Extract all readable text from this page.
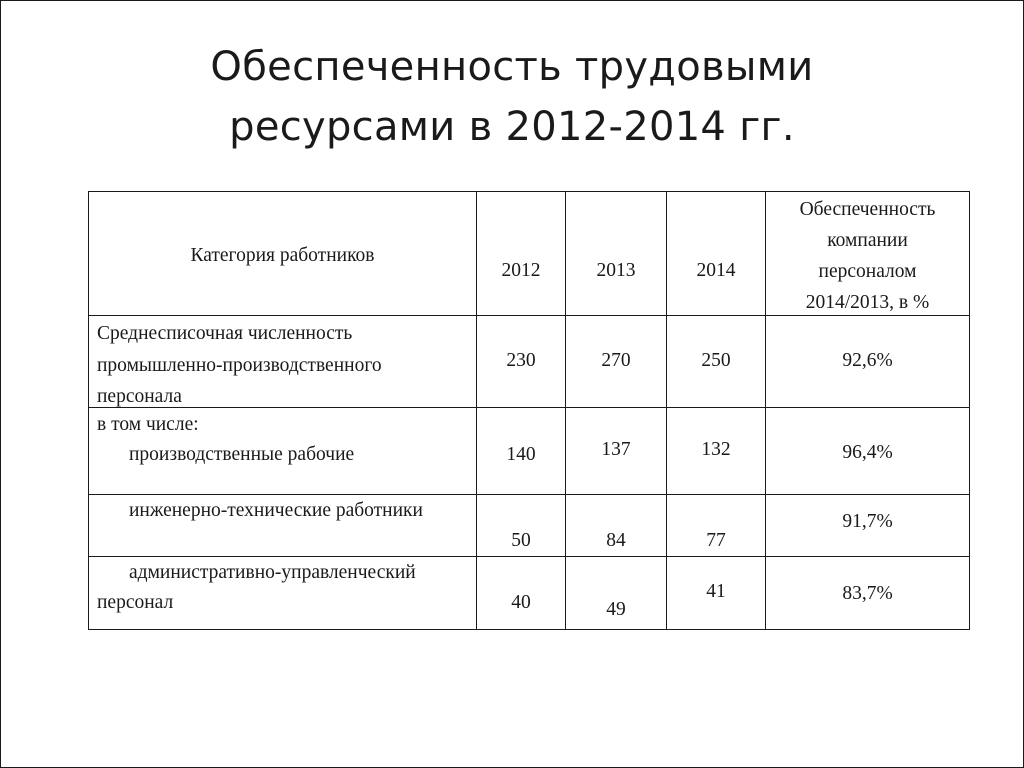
Обеспеченность трудовыми
ресурсами в 2012-2014 гг.
Категория работников	2012	2013	2014	Обеспеченность
компании
персоналом
2014/2013, в %

Среднесписочная численность
промышленно-производственного
персонала	230	270	250	92,6%

в том числе:
производственные рабочие	140	137	132	96,4%

инженерно-технические работники	50	84	77	91,7%

административно-управленческий
персонал	40	49	41	83,7%
